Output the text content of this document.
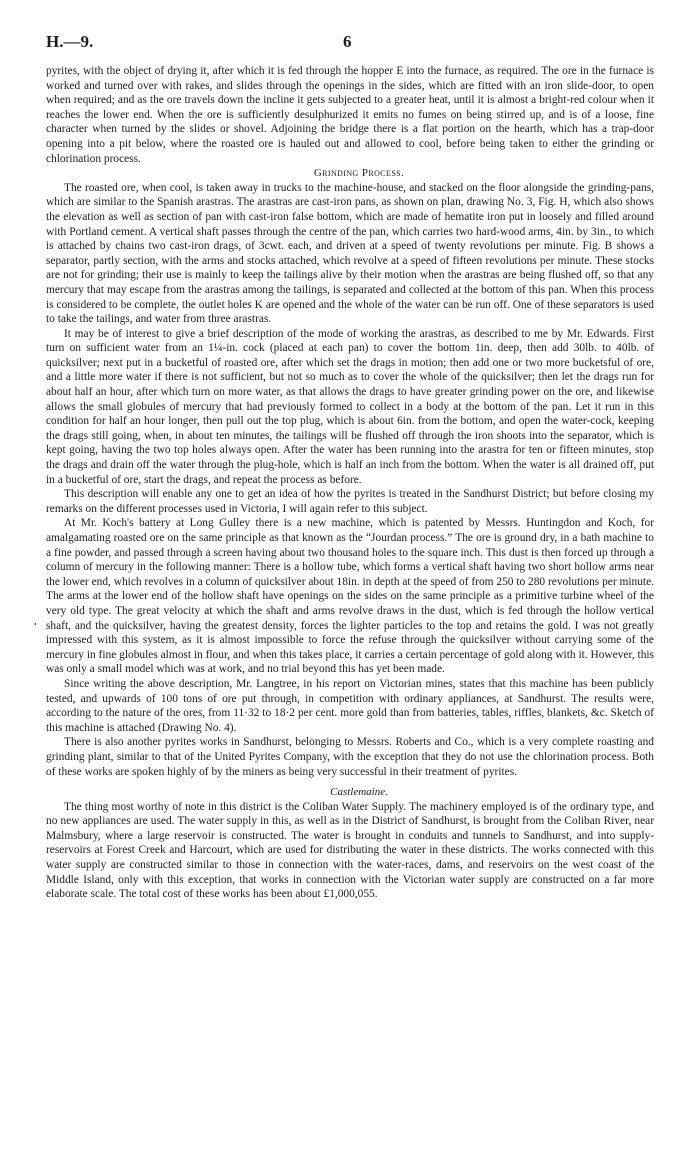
H.—9.	6
•

pyrites, with the object of drying it, after which it is fed through the hopper E into the furnace, as required. The ore in the furnace is worked and turned over with rakes, and slides through the openings in the sides, which are fitted with an iron slide-door, to open when required; and as the ore travels down the incline it gets subjected to a greater heat, until it is almost a bright-red colour when it reaches the lower end. When the ore is sufficiently desulphurized it emits no fumes on being stirred up, and is of a loose, fine character when turned by the slides or shovel. Adjoining the bridge there is a flat portion on the hearth, which has a trap-door opening into a pit below, where the roasted ore is hauled out and allowed to cool, before being taken to either the grinding or chlorination process.

Grinding Process.

The roasted ore, when cool, is taken away in trucks to the machine-house, and stacked on the floor alongside the grinding-pans, which are similar to the Spanish arastras. The arastras are cast-iron pans, as shown on plan, drawing No. 3, Fig. H, which also shows the elevation as well as section of pan with cast-iron false bottom, which are made of hematite iron put in loosely and filled around with Portland cement. A vertical shaft passes through the centre of the pan, which carries two hard-wood arms, 4in. by 3in., to which is attached by chains two cast-iron drags, of 3cwt. each, and driven at a speed of twenty revolutions per minute. Fig. B shows a separator, partly section, with the arms and stocks attached, which revolve at a speed of fifteen revolutions per minute. These stocks are not for grinding; their use is mainly to keep the tailings alive by their motion when the arastras are being flushed off, so that any mercury that may escape from the arastras among the tailings, is separated and collected at the bottom of this pan. When this process is considered to be complete, the outlet holes K are opened and the whole of the water can be run off. One of these separators is used to take the tailings, and water from three arastras.

It may be of interest to give a brief description of the mode of working the arastras, as described to me by Mr. Edwards. First turn on sufficient water from an 1¼-in. cock (placed at each pan) to cover the bottom 1in. deep, then add 30lb. to 40lb. of quicksilver; next put in a bucketful of roasted ore, after which set the drags in motion; then add one or two more bucketsful of ore, and a little more water if there is not sufficient, but not so much as to cover the whole of the quicksilver; then let the drags run for about half an hour, after which turn on more water, as that allows the drags to have greater grinding power on the ore, and likewise allows the small globules of mercury that had previously formed to collect in a body at the bottom of the pan. Let it run in this condition for half an hour longer, then pull out the top plug, which is about 6in. from the bottom, and open the water-cock, keeping the drags still going, when, in about ten minutes, the tailings will be flushed off through the iron shoots into the separator, which is kept going, having the two top holes always open. After the water has been running into the arastra for ten or fifteen minutes, stop the drags and drain off the water through the plug-hole, which is half an inch from the bottom. When the water is all drained off, put in a bucketful of ore, start the drags, and repeat the process as before.

This description will enable any one to get an idea of how the pyrites is treated in the Sandhurst District; but before closing my remarks on the different processes used in Victoria, I will again refer to this subject.

At Mr. Koch's battery at Long Gulley there is a new machine, which is patented by Messrs. Huntingdon and Koch, for amalgamating roasted ore on the same principle as that known as the “Jourdan process.” The ore is ground dry, in a bath machine to a fine powder, and passed through a screen having about two thousand holes to the square inch. This dust is then forced up through a column of mercury in the following manner: There is a hollow tube, which forms a vertical shaft having two short hollow arms near the lower end, which revolves in a column of quicksilver about 18in. in depth at the speed of from 250 to 280 revolutions per minute. The arms at the lower end of the hollow shaft have openings on the sides on the same principle as a primitive turbine wheel of the very old type. The great velocity at which the shaft and arms revolve draws in the dust, which is fed through the hollow vertical shaft, and the quicksilver, having the greatest density, forces the lighter particles to the top and retains the gold. I was not greatly impressed with this system, as it is almost impossible to force the refuse through the quicksilver without carrying some of the mercury in fine globules almost in flour, and when this takes place, it carries a certain percentage of gold along with it. However, this was only a small model which was at work, and no trial beyond this has yet been made.

Since writing the above description, Mr. Langtree, in his report on Victorian mines, states that this machine has been publicly tested, and upwards of 100 tons of ore put through, in competition with ordinary appliances, at Sandhurst. The results were, according to the nature of the ores, from 11·32 to 18·2 per cent. more gold than from batteries, tables, riffles, blankets, &c. Sketch of this machine is attached (Drawing No. 4).

There is also another pyrites works in Sandhurst, belonging to Messrs. Roberts and Co., which is a very complete roasting and grinding plant, similar to that of the United Pyrites Company, with the exception that they do not use the chlorination process. Both of these works are spoken highly of by the miners as being very successful in their treatment of pyrites.

Castlemaine.

The thing most worthy of note in this district is the Coliban Water Supply. The machinery employed is of the ordinary type, and no new appliances are used. The water supply in this, as well as in the District of Sandhurst, is brought from the Coliban River, near Malmsbury, where a large reservoir is constructed. The water is brought in conduits and tunnels to Sandhurst, and into supply-reservoirs at Forest Creek and Harcourt, which are used for distributing the water in these districts. The works connected with this water supply are constructed similar to those in connection with the water-races, dams, and reservoirs on the west coast of the Middle Island, only with this exception, that works in connection with the Victorian water supply are constructed on a far more elaborate scale. The total cost of these works has been about £1,000,055.
